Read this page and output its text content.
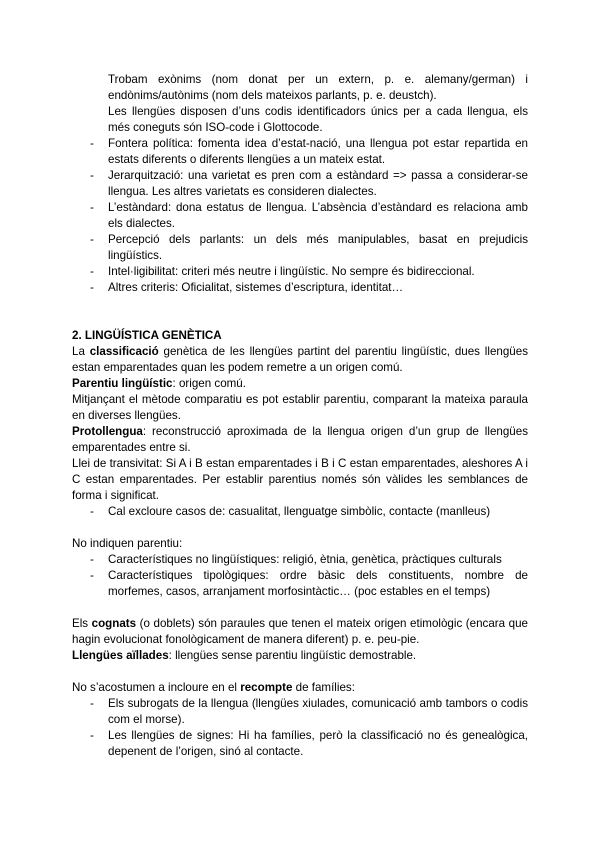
Trobam exònims (nom donat per un extern, p. e. alemany/german) i endònims/autònims (nom dels mateixos parlants, p. e. deustch).

Les llengües disposen d’uns codis identificadors únics per a cada llengua, els més coneguts són ISO-code i Glottocode.

- Fontera política: fomenta idea d’estat-nació, una llengua pot estar repartida en estats diferents o diferents llengües a un mateix estat.
- Jerarquització: una varietat es pren com a estàndard => passa a considerar-se llengua. Les altres varietats es consideren dialectes.
- L’estàndard: dona estatus de llengua. L’absència d’estàndard es relaciona amb els dialectes.
- Percepció dels parlants: un dels més manipulables, basat en prejudicis lingüístics.
- Intel·ligibilitat: criteri més neutre i lingüístic. No sempre és bidireccional.
- Altres criteris: Oficialitat, sistemes d’escriptura, identitat…

2. LINGÜÍSTICA GENÈTICA

La classificació genètica de les llengües partint del parentiu lingüístic, dues llengües estan emparentades quan les podem remetre a un origen comú.

Parentiu lingüístic: origen comú.

Mitjançant el mètode comparatiu es pot establir parentiu, comparant la mateixa paraula en diverses llengües.

Protollengua: reconstrucció aproximada de la llengua origen d’un grup de llengües emparentades entre si.

Llei de transivitat: Si A i B estan emparentades i B i C estan emparentades, aleshores A i C estan emparentades. Per establir parentius només són vàlides les semblances de forma i significat.

- Cal excloure casos de: casualitat, llenguatge simbòlic, contacte (manlleus)

No indiquen parentiu:

- Característiques no lingüístiques: religió, ètnia, genètica, pràctiques culturals
- Característiques tipològiques: ordre bàsic dels constituents, nombre de morfemes, casos, arranjament morfosintàctic… (poc estables en el temps)

Els cognats (o doblets) són paraules que tenen el mateix origen etimològic (encara que hagin evolucionat fonològicament de manera diferent) p. e. peu-pie.

Llengües aïllades: llengües sense parentiu lingüístic demostrable.

No s’acostumen a incloure en el recompte de famílies:

- Els subrogats de la llengua (llengües xiulades, comunicació amb tambors o codis com el morse).
- Les llengües de signes: Hi ha famílies, però la classificació no és genealògica, depenent de l’origen, sinó al contacte.
